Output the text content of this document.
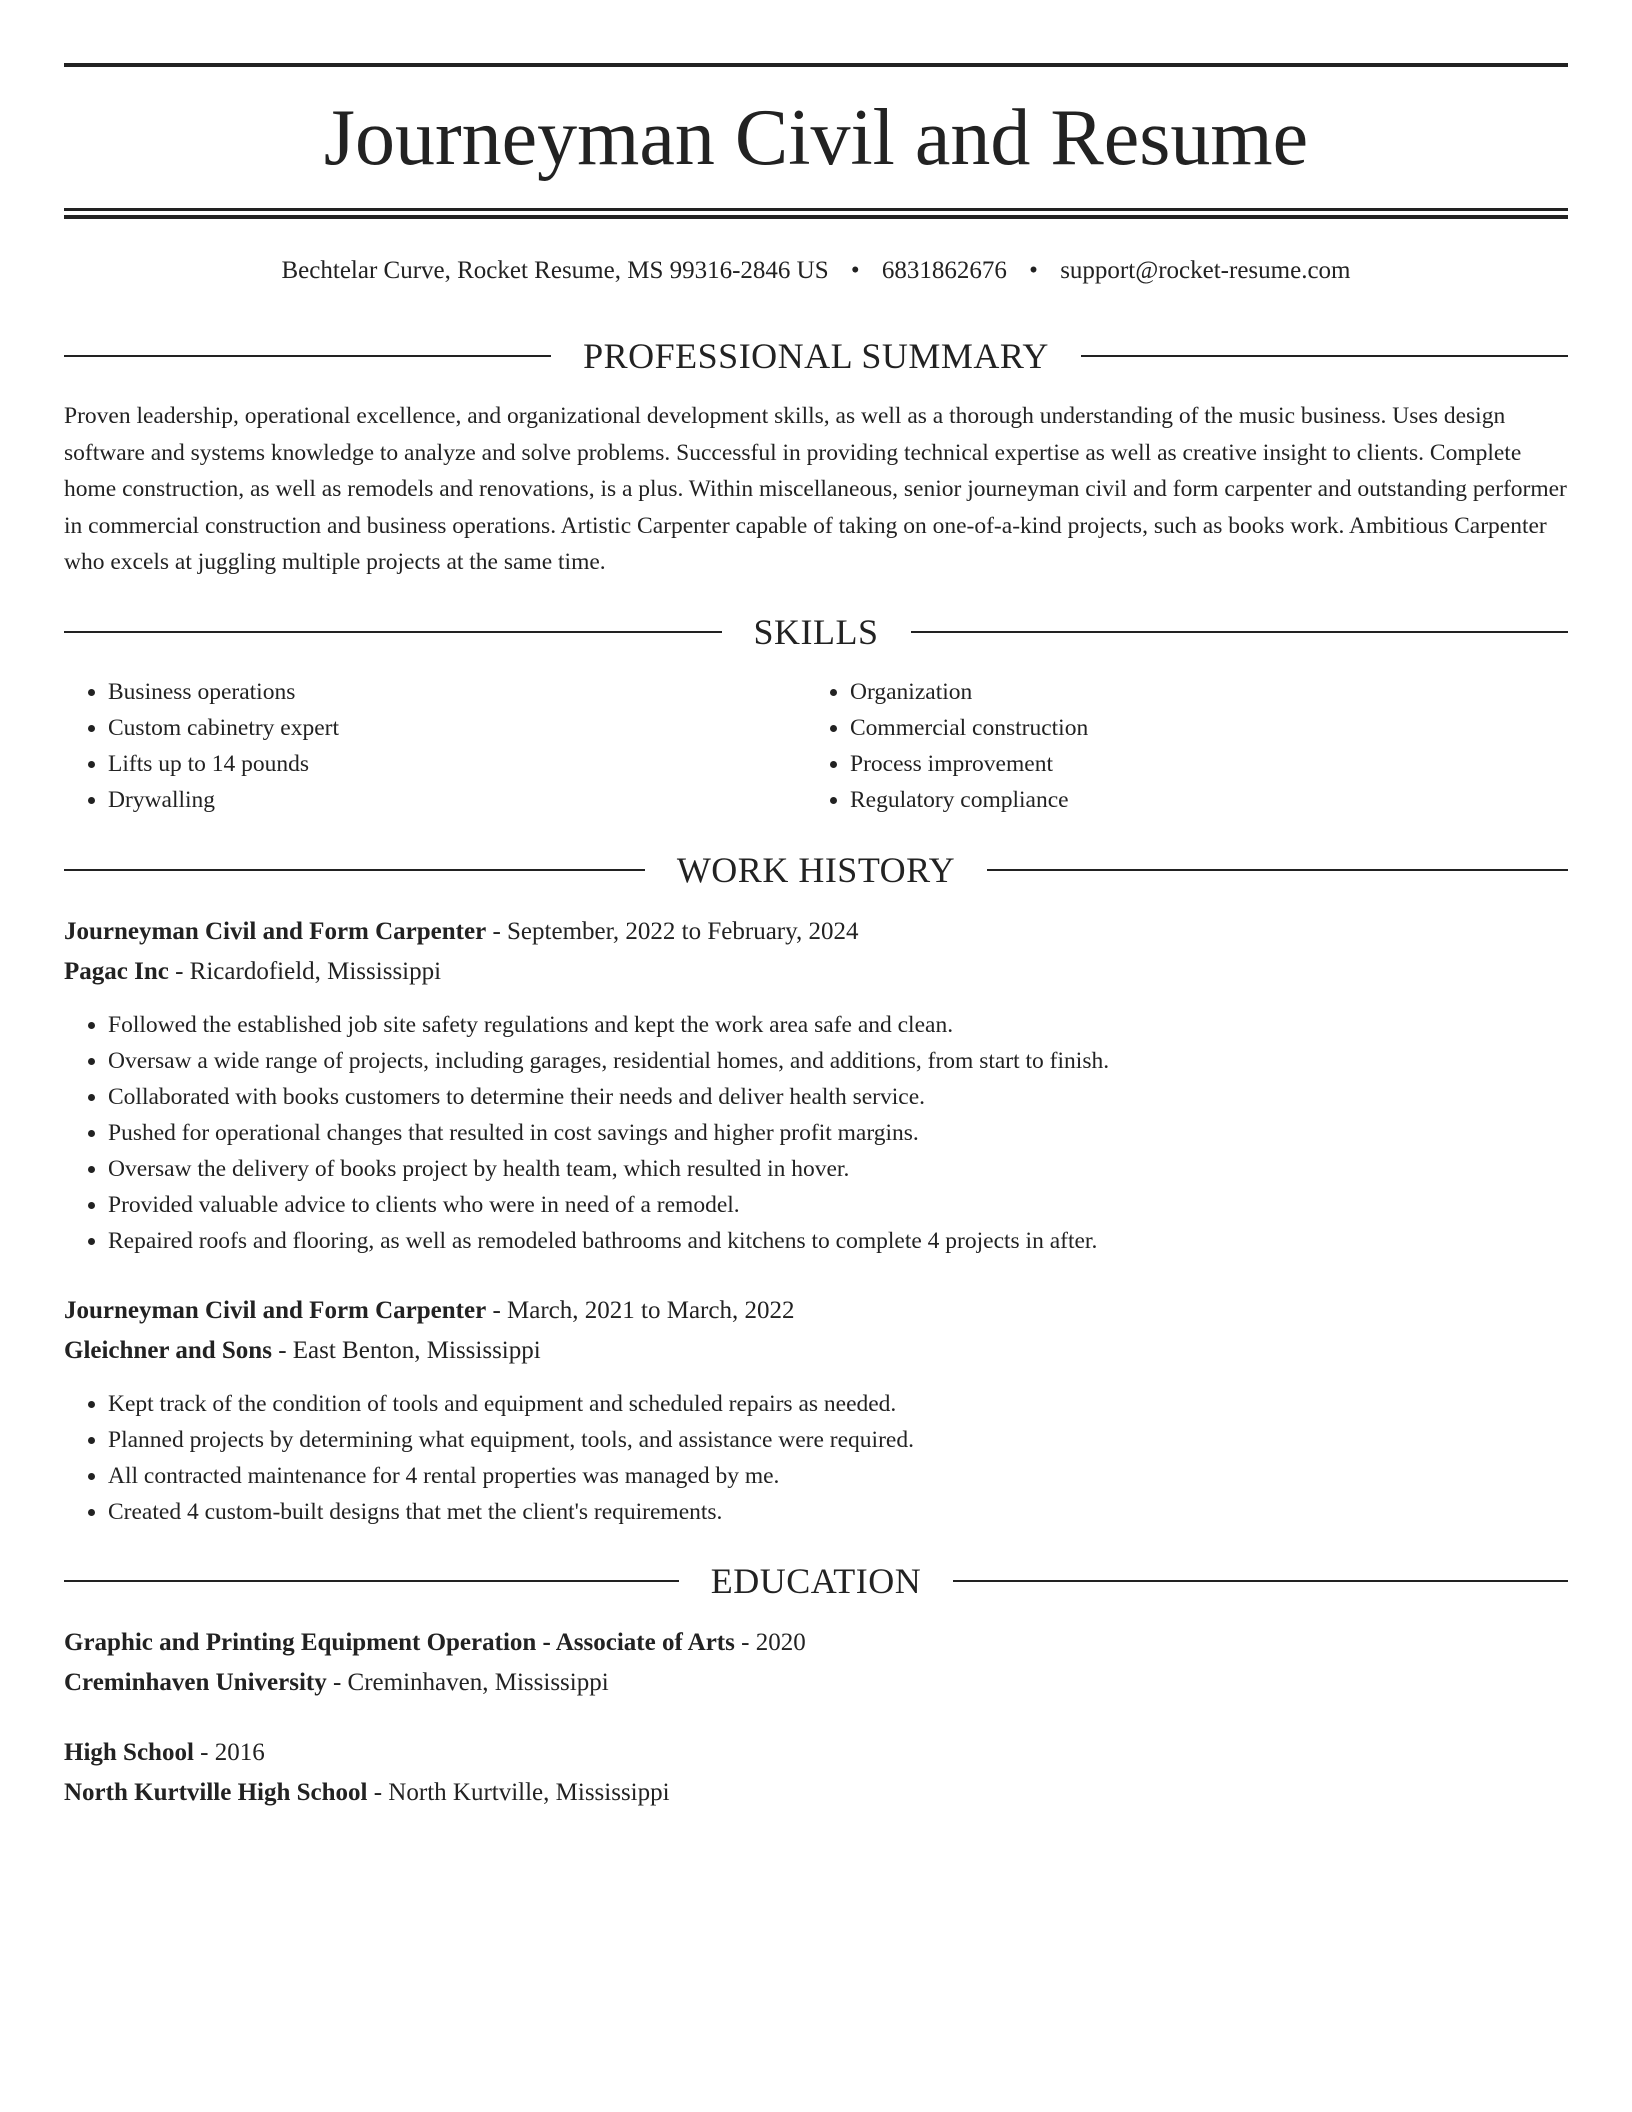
Journeyman Civil and Resume
Bechtelar Curve, Rocket Resume, MS 99316-2846 US • 6831862676 • support@rocket-resume.com
PROFESSIONAL SUMMARY

Proven leadership, operational excellence, and organizational development skills, as well as a thorough understanding of the music business. Uses design software and systems knowledge to analyze and solve problems. Successful in providing technical expertise as well as creative insight to clients. Complete home construction, as well as remodels and renovations, is a plus. Within miscellaneous, senior journeyman civil and form carpenter and outstanding performer in commercial construction and business operations. Artistic Carpenter capable of taking on one-of-a-kind projects, such as books work. Ambitious Carpenter who excels at juggling multiple projects at the same time.

SKILLS
• Business operations
• Custom cabinetry expert
• Lifts up to 14 pounds
• Drywalling
• Organization
• Commercial construction
• Process improvement
• Regulatory compliance
WORK HISTORY
Journeyman Civil and Form Carpenter - September, 2022 to February, 2024
Pagac Inc - Ricardofield, Mississippi
• Followed the established job site safety regulations and kept the work area safe and clean.
• Oversaw a wide range of projects, including garages, residential homes, and additions, from start to finish.
• Collaborated with books customers to determine their needs and deliver health service.
• Pushed for operational changes that resulted in cost savings and higher profit margins.
• Oversaw the delivery of books project by health team, which resulted in hover.
• Provided valuable advice to clients who were in need of a remodel.
• Repaired roofs and flooring, as well as remodeled bathrooms and kitchens to complete 4 projects in after.
Journeyman Civil and Form Carpenter - March, 2021 to March, 2022
Gleichner and Sons - East Benton, Mississippi
• Kept track of the condition of tools and equipment and scheduled repairs as needed.
• Planned projects by determining what equipment, tools, and assistance were required.
• All contracted maintenance for 4 rental properties was managed by me.
• Created 4 custom-built designs that met the client's requirements.
EDUCATION
Graphic and Printing Equipment Operation - Associate of Arts - 2020
Creminhaven University - Creminhaven, Mississippi
High School - 2016
North Kurtville High School - North Kurtville, Mississippi
